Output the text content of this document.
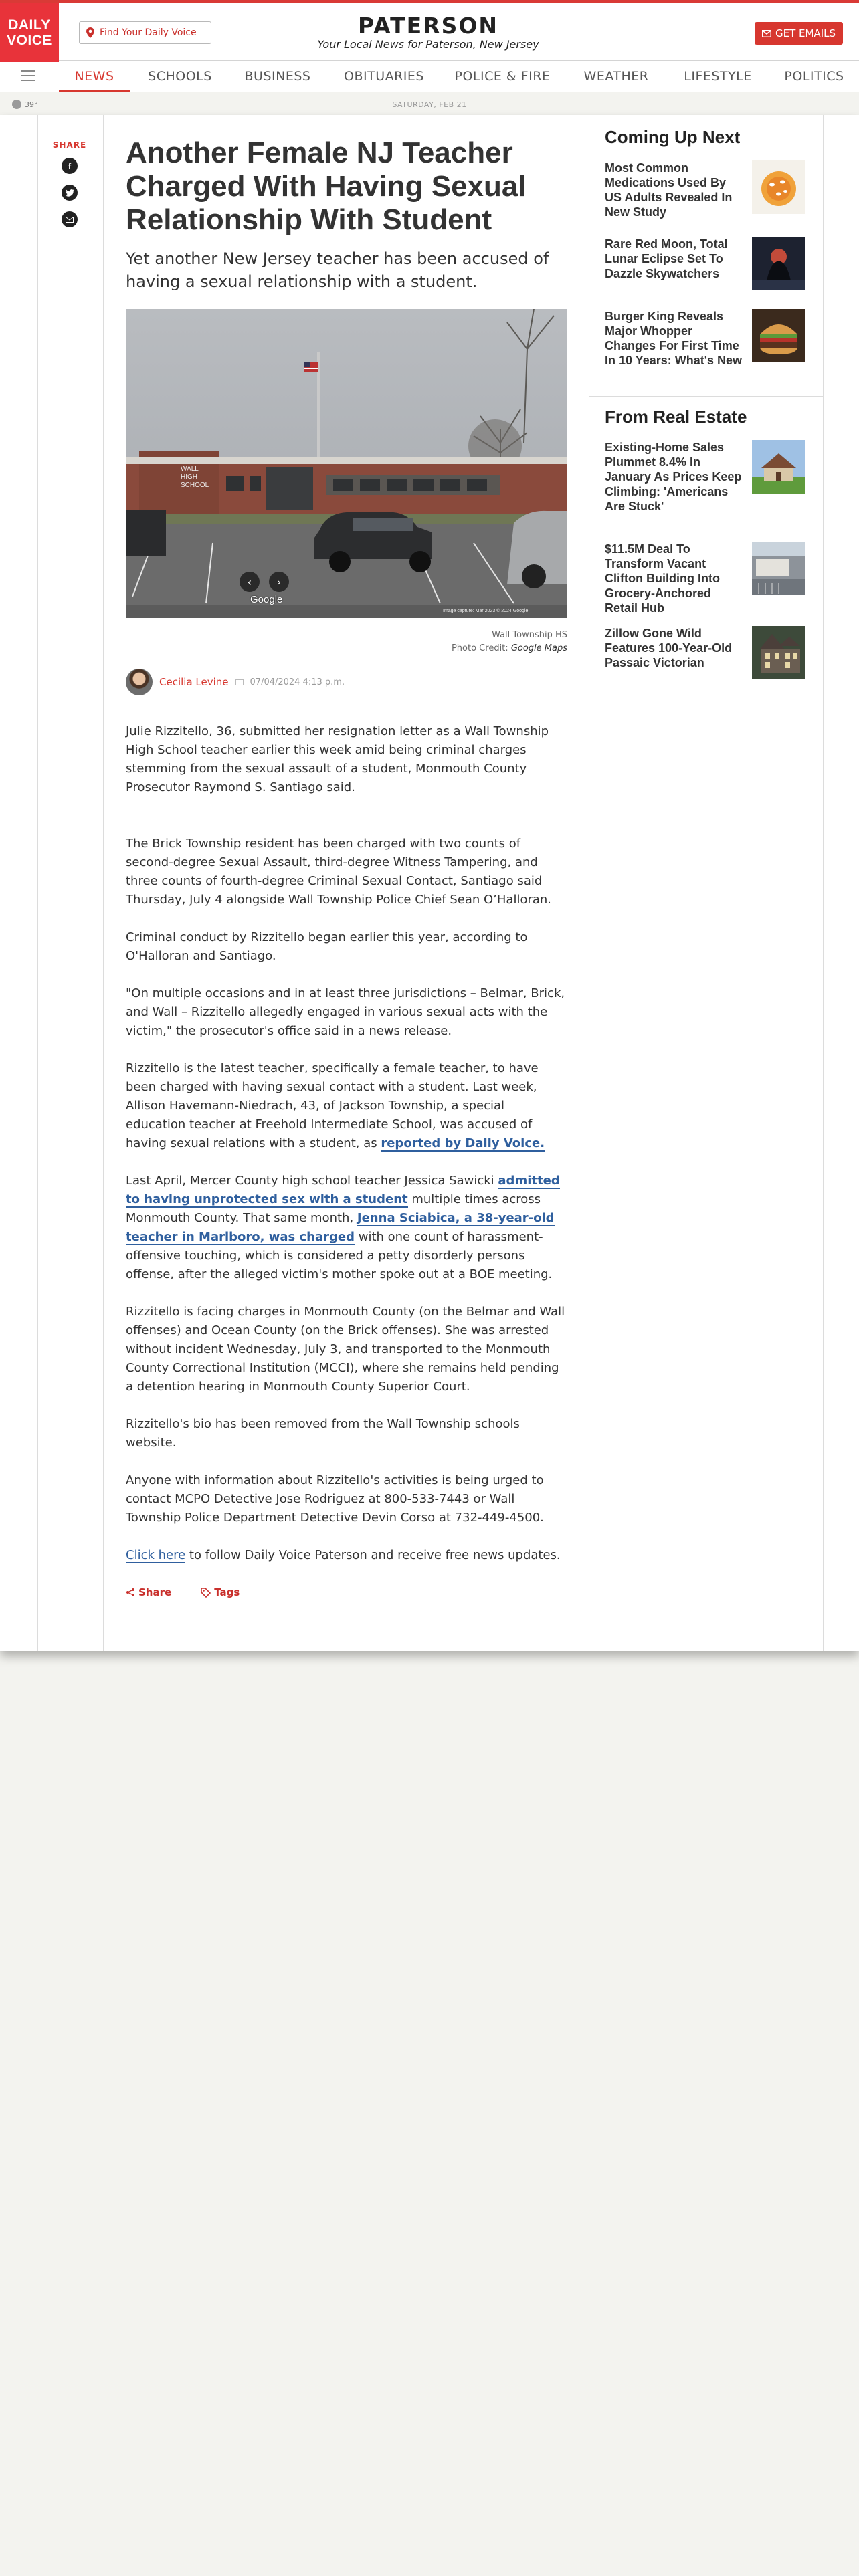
DAILY
VOICE	Find Your Daily Voice	PATERSON
Your Local News for Paterson, New Jersey
GET EMAILS
NEWS	SCHOOLS	BUSINESS	OBITUARIES	POLICE & FIRE	WEATHER	LIFESTYLE	POLITICS
39°	SATURDAY, FEB 21
SHARE
f Another Female NJ Teacher Charged With Having Sexual Relationship With Student
Yet another New Jersey teacher has been accused of having a sexual relationship with a student.
WALL
HIGH
SCHOOL
‹ ›
Google
Image capture: Mar 2023 © 2024 Google
Wall Township HS
Photo Credit: Google Maps
Cecilia Levine 07/04/2024 4:13 p.m.
Julie Rizzitello, 36, submitted her resignation letter as a Wall Township High School teacher earlier this week amid being criminal charges stemming from the sexual assault of a student, Monmouth County Prosecutor Raymond S. Santiago said.
The Brick Township resident has been charged with two counts of second-degree Sexual Assault, third-degree Witness Tampering, and three counts of fourth-degree Criminal Sexual Contact, Santiago said Thursday, July 4 alongside Wall Township Police Chief Sean O’Halloran.
Criminal conduct by Rizzitello began earlier this year, according to O'Halloran and Santiago.
"On multiple occasions and in at least three jurisdictions – Belmar, Brick, and Wall – Rizzitello allegedly engaged in various sexual acts with the victim," the prosecutor's office said in a news release.
Rizzitello is the latest teacher, specifically a female teacher, to have been charged with having sexual contact with a student. Last week, Allison Havemann-Niedrach, 43, of Jackson Township, a special education teacher at Freehold Intermediate School, was accused of having sexual relations with a student, as reported by Daily Voice.
Last April, Mercer County high school teacher Jessica Sawicki admitted to having unprotected sex with a student multiple times across Monmouth County. That same month, Jenna Sciabica, a 38-year-old teacher in Marlboro, was charged with one count of harassment-offensive touching, which is considered a petty disorderly persons offense, after the alleged victim's mother spoke out at a BOE meeting.
Rizzitello is facing charges in Monmouth County (on the Belmar and Wall offenses) and Ocean County (on the Brick offenses). She was arrested without incident Wednesday, July 3, and transported to the Monmouth County Correctional Institution (MCCI), where she remains held pending a detention hearing in Monmouth County Superior Court.
Rizzitello's bio has been removed from the Wall Township schools website.
Anyone with information about Rizzitello's activities is being urged to contact MCPO Detective Jose Rodriguez at 800-533-7443 or Wall Township Police Department Detective Devin Corso at 732-449-4500.
Click here to follow Daily Voice Paterson and receive free news updates.
Share	Tags
Coming Up Next
Most Common Medications Used By US Adults Revealed In New Study
Rare Red Moon, Total Lunar Eclipse Set To Dazzle Skywatchers
Burger King Reveals Major Whopper Changes For First Time In 10 Years: What's New
From Real Estate
Existing-Home Sales Plummet 8.4% In January As Prices Keep Climbing: 'Americans Are Stuck'
$11.5M Deal To Transform Vacant Clifton Building Into Grocery-Anchored Retail Hub
Zillow Gone Wild Features 100-Year-Old Passaic Victorian
